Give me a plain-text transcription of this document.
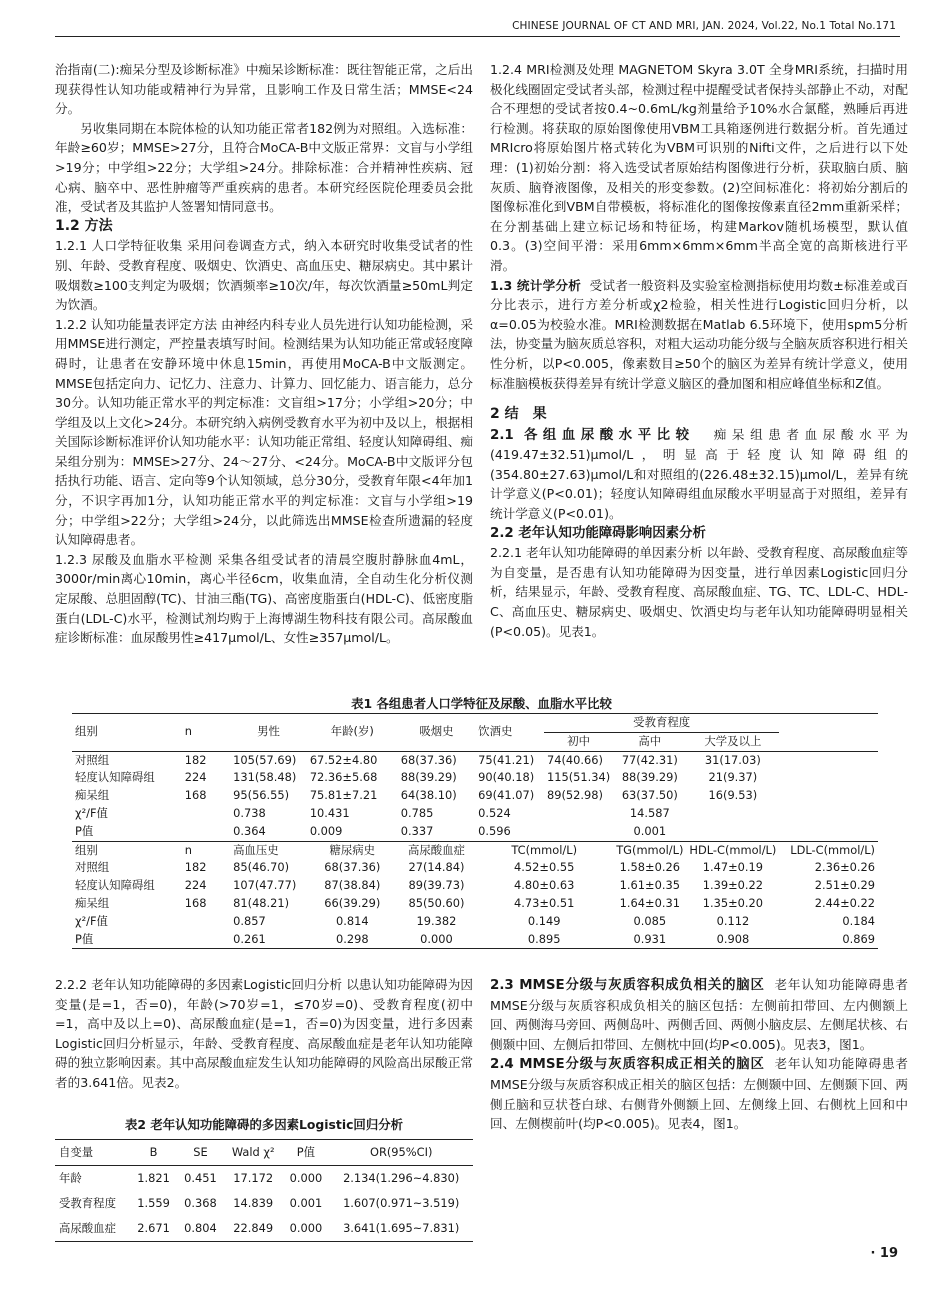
CHINESE JOURNAL OF CT AND MRI, JAN. 2024, Vol.22, No.1 Total No.171

治指南(二):痴呆分型及诊断标准》中痴呆诊断标准：既往智能正常，之后出现获得性认知功能或精神行为异常，且影响工作及日常生活；MMSE<24分。

另收集同期在本院体检的认知功能正常者182例为对照组。入选标准：年龄≥60岁；MMSE>27分，且符合MoCA-B中文版正常界：文盲与小学组>19分；中学组>22分；大学组>24分。排除标准：合并精神性疾病、冠心病、脑卒中、恶性肿瘤等严重疾病的患者。本研究经医院伦理委员会批准，受试者及其监护人签署知情同意书。

1.2 方法

1.2.1 人口学特征收集 采用问卷调查方式，纳入本研究时收集受试者的性别、年龄、受教育程度、吸烟史、饮酒史、高血压史、糖尿病史。其中累计吸烟数≥100支判定为吸烟；饮酒频率≥10次/年，每次饮酒量≥50mL判定为饮酒。

1.2.2 认知功能量表评定方法 由神经内科专业人员先进行认知功能检测，采用MMSE进行测定，严控量表填写时间。检测结果为认知功能正常或轻度障碍时，让患者在安静环境中休息15min，再使用MoCA-B中文版测定。MMSE包括定向力、记忆力、注意力、计算力、回忆能力、语言能力，总分30分。认知功能正常水平的判定标准：文盲组>17分；小学组>20分；中学组及以上文化>24分。本研究纳入病例受教育水平为初中及以上，根据相关国际诊断标准评价认知功能水平：认知功能正常组、轻度认知障碍组、痴呆组分别为：MMSE>27分、24～27分、<24分。MoCA-B中文版评分包括执行功能、语言、定向等9个认知领域，总分30分，受教育年限<4年加1分，不识字再加1分，认知功能正常水平的判定标准：文盲与小学组>19分；中学组>22分；大学组>24分，以此筛选出MMSE检查所遗漏的轻度认知障碍患者。

1.2.3 尿酸及血脂水平检测 采集各组受试者的清晨空腹肘静脉血4mL，3000r/min离心10min，离心半径6cm，收集血清，全自动生化分析仪测定尿酸、总胆固醇(TC)、甘油三酯(TG)、高密度脂蛋白(HDL-C)、低密度脂蛋白(LDL-C)水平，检测试剂均购于上海博湖生物科技有限公司。高尿酸血症诊断标准：血尿酸男性≥417μmol/L、女性≥357μmol/L。

1.2.4 MRI检测及处理 MAGNETOM Skyra 3.0T 全身MRI系统，扫描时用极化线圈固定受试者头部，检测过程中提醒受试者保持头部静止不动，对配合不理想的受试者按0.4~0.6mL/kg剂量给予10%水合氯醛，熟睡后再进行检测。将获取的原始图像使用VBM工具箱逐例进行数据分析。首先通过MRIcro将原始图片格式转化为VBM可识别的Nifti文件，之后进行以下处理：(1)初始分割：将入选受试者原始结构图像进行分析，获取脑白质、脑灰质、脑脊液图像，及相关的形变参数。(2)空间标准化：将初始分割后的图像标准化到VBM自带模板，将标准化的图像按像素直径2mm重新采样；在分割基础上建立标记场和特征场，构建Markov随机场模型，默认值0.3。(3)空间平滑：采用6mm×6mm×6mm半高全宽的高斯核进行平滑。

1.3 统计学分析 受试者一般资料及实验室检测指标使用均数±标准差或百分比表示，进行方差分析或χ2检验，相关性进行Logistic回归分析，以α=0.05为校验水准。MRI检测数据在Matlab 6.5环境下，使用spm5分析法，协变量为脑灰质总容积，对粗大运动功能分级与全脑灰质容积进行相关性分析，以P<0.005，像素数目≥50个的脑区为差异有统计学意义，使用标准脑模板获得差异有统计学意义脑区的叠加图和相应峰值坐标和Z值。

2 结　果

2.1 各组血尿酸水平比较 痴呆组患者血尿酸水平为(419.47±32.51)μmol/L，明显高于轻度认知障碍组的(354.80±27.63)μmol/L和对照组的(226.48±32.15)μmol/L，差异有统计学意义(P<0.01)；轻度认知障碍组血尿酸水平明显高于对照组，差异有统计学意义(P<0.01)。

2.2 老年认知功能障碍影响因素分析

2.2.1 老年认知功能障碍的单因素分析 以年龄、受教育程度、高尿酸血症等为自变量，是否患有认知功能障碍为因变量，进行单因素Logistic回归分析，结果显示，年龄、受教育程度、高尿酸血症、TG、TC、LDL-C、HDL-C、高血压史、糖尿病史、吸烟史、饮酒史均与老年认知功能障碍明显相关(P<0.05)。见表1。

表1 各组患者人口学特征及尿酸、血脂水平比较

组别	n	男性	年龄(岁)	吸烟史	饮酒史	受教育程度			
						初中	高中	大学及以上	
对照组	182	105(57.69)	67.52±4.80	68(37.36)	75(41.21)	74(40.66)	77(42.31)	31(17.03)	
轻度认知障碍组	224	131(58.48)	72.36±5.68	88(39.29)	90(40.18)	115(51.34)	88(39.29)	21(9.37)	
痴呆组	168	95(56.55)	75.81±7.21	64(38.10)	69(41.07)	89(52.98)	63(37.50)	16(9.53)	
χ²/F值		0.738	10.431	0.785	0.524		14.587		
P值		0.364	0.009	0.337	0.596		0.001		
组别	n	高血压史	糖尿病史	高尿酸血症	TC(mmol/L)		TG(mmol/L)	HDL-C(mmol/L)	LDL-C(mmol/L)
对照组	182	85(46.70)	68(37.36)	27(14.84)	4.52±0.55		1.58±0.26	1.47±0.19	2.36±0.26
轻度认知障碍组	224	107(47.77)	87(38.84)	89(39.73)	4.80±0.63		1.61±0.35	1.39±0.22	2.51±0.29
痴呆组	168	81(48.21)	66(39.29)	85(50.60)	4.73±0.51		1.64±0.31	1.35±0.20	2.44±0.22
χ²/F值		0.857	0.814	19.382	0.149		0.085	0.112	0.184
P值		0.261	0.298	0.000	0.895		0.931	0.908	0.869

2.2.2 老年认知功能障碍的多因素Logistic回归分析 以患认知功能障碍为因变量(是=1，否=0)，年龄(>70岁=1，≤70岁=0)、受教育程度(初中=1，高中及以上=0)、高尿酸血症(是=1，否=0)为因变量，进行多因素Logistic回归分析显示，年龄、受教育程度、高尿酸血症是老年认知功能障碍的独立影响因素。其中高尿酸血症发生认知功能障碍的风险高出尿酸正常者的3.641倍。见表2。

表2 老年认知功能障碍的多因素Logistic回归分析

自变量	B	SE	Wald χ²	P值	OR(95%CI)
年龄	1.821	0.451	17.172	0.000	2.134(1.296~4.830)
受教育程度	1.559	0.368	14.839	0.001	1.607(0.971~3.519)
高尿酸血症	2.671	0.804	22.849	0.000	3.641(1.695~7.831)

2.3 MMSE分级与灰质容积成负相关的脑区 老年认知功能障碍患者MMSE分级与灰质容积成负相关的脑区包括：左侧前扣带回、左内侧额上回、两侧海马旁回、两侧岛叶、两侧舌回、两侧小脑皮层、左侧尾状核、右侧颞中回、左侧后扣带回、左侧枕中回(均P<0.005)。见表3，图1。

2.4 MMSE分级与灰质容积成正相关的脑区 老年认知功能障碍患者MMSE分级与灰质容积成正相关的脑区包括：左侧颞中回、左侧颞下回、两侧丘脑和豆状苍白球、右侧背外侧额上回、左侧缘上回、右侧枕上回和中回、左侧楔前叶(均P<0.005)。见表4，图1。

· 19
